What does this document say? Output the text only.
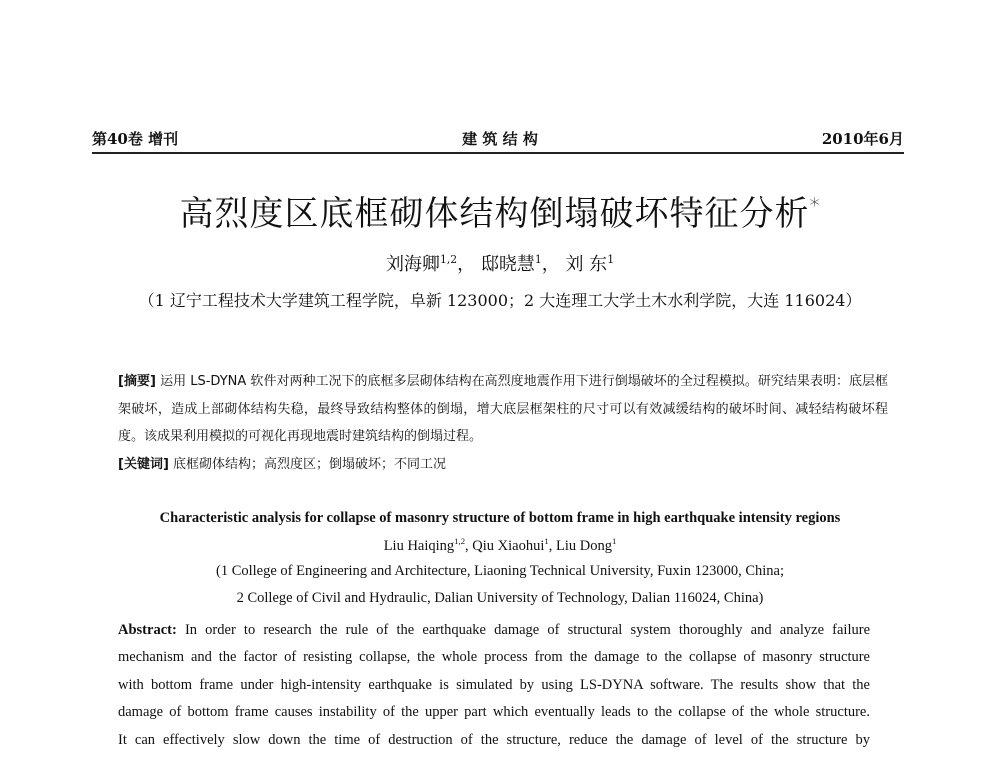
第40卷 增刊	建 筑 结 构	2010年6月
高烈度区底框砌体结构倒塌破坏特征分析*
刘海卿$^{1,2}$， 邸晓慧$^1$， 刘 东$^1$
（1 辽宁工程技术大学建筑工程学院，阜新 123000；2 大连理工大学土木水利学院，大连 116024）
[摘要] 运用 LS-DYNA 软件对两种工况下的底框多层砌体结构在高烈度地震作用下进行倒塌破坏的全过程模拟。研究结果表明：底层框架破坏，造成上部砌体结构失稳，最终导致结构整体的倒塌，增大底层框架柱的尺寸可以有效减缓结构的破坏时间、减轻结构破坏程度。该成果利用模拟的可视化再现地震时建筑结构的倒塌过程。
[关键词] 底框砌体结构；高烈度区；倒塌破坏；不同工况
Characteristic analysis for collapse of masonry structure of bottom frame in high earthquake intensity regions
Liu Haiqing$^{1,2}$, Qiu Xiaohui$^1$, Liu Dong$^1$
(1 College of Engineering and Architecture, Liaoning Technical University, Fuxin 123000, China;
2 College of Civil and Hydraulic, Dalian University of Technology, Dalian 116024, China)
Abstract: In order to research the rule of the earthquake damage of structural system thoroughly and analyze failure
mechanism and the factor of resisting collapse, the whole process from the damage to the collapse of masonry structure
with bottom frame under high-intensity earthquake is simulated by using LS-DYNA software. The results show that the
damage of bottom frame causes instability of the upper part which eventually leads to the collapse of the whole structure.
It can effectively slow down the time of destruction of the structure, reduce the damage of level of the structure by
